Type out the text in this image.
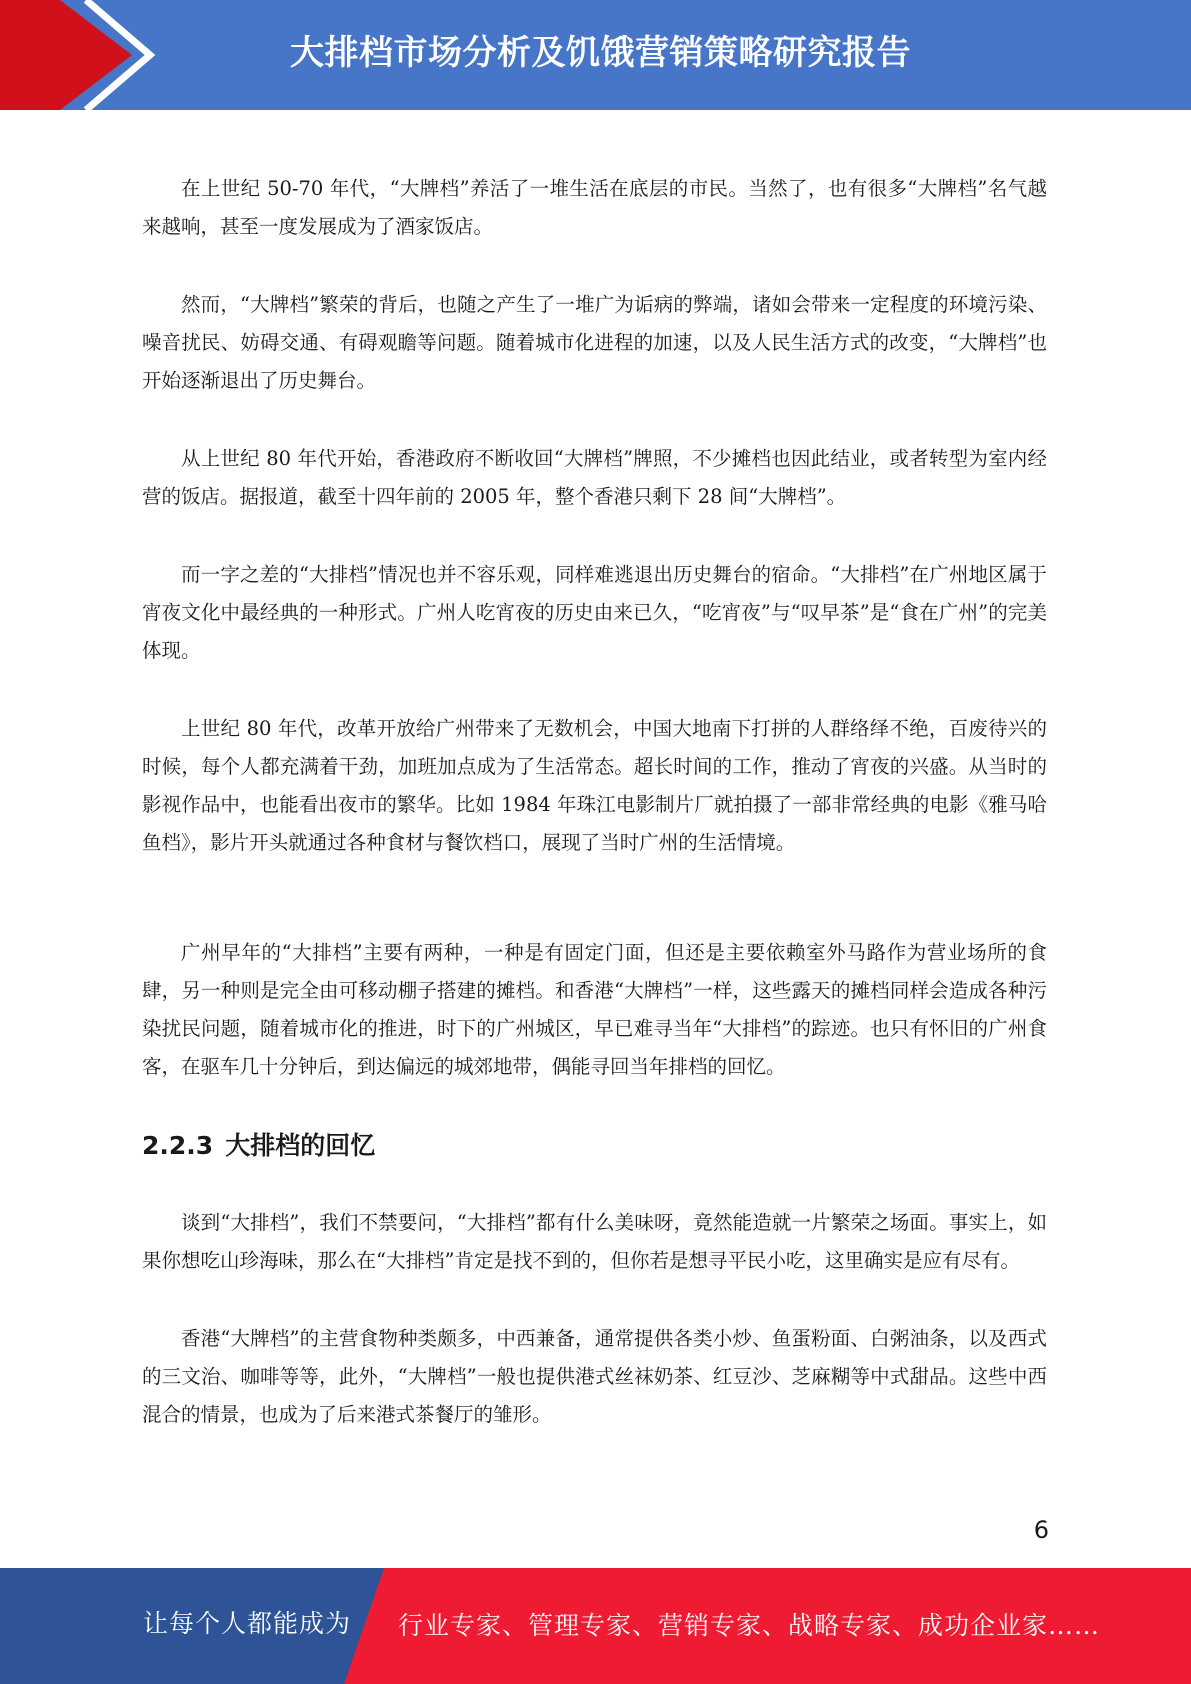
大排档市场分析及饥饿营销策略研究报告

在上世纪 50-70 年代，“大牌档”养活了一堆生活在底层的市民。当然了，也有很多“大牌档”名气越来越响，甚至一度发展成为了酒家饭店。

然而，“大牌档”繁荣的背后，也随之产生了一堆广为诟病的弊端，诸如会带来一定程度的环境污染、噪音扰民、妨碍交通、有碍观瞻等问题。随着城市化进程的加速，以及人民生活方式的改变，“大牌档”也开始逐渐退出了历史舞台。

从上世纪 80 年代开始，香港政府不断收回“大牌档”牌照，不少摊档也因此结业，或者转型为室内经营的饭店。据报道，截至十四年前的 2005 年，整个香港只剩下 28 间“大牌档”。

而一字之差的“大排档”情况也并不容乐观，同样难逃退出历史舞台的宿命。“大排档”在广州地区属于宵夜文化中最经典的一种形式。广州人吃宵夜的历史由来已久，“吃宵夜”与“叹早茶”是“食在广州”的完美体现。

上世纪 80 年代，改革开放给广州带来了无数机会，中国大地南下打拼的人群络绎不绝，百废待兴的时候，每个人都充满着干劲，加班加点成为了生活常态。超长时间的工作，推动了宵夜的兴盛。从当时的影视作品中，也能看出夜市的繁华。比如 1984 年珠江电影制片厂就拍摄了一部非常经典的电影《雅马哈鱼档》，影片开头就通过各种食材与餐饮档口，展现了当时广州的生活情境。

广州早年的“大排档”主要有两种，一种是有固定门面，但还是主要依赖室外马路作为营业场所的食肆，另一种则是完全由可移动棚子搭建的摊档。和香港“大牌档”一样，这些露天的摊档同样会造成各种污染扰民问题，随着城市化的推进，时下的广州城区，早已难寻当年“大排档”的踪迹。也只有怀旧的广州食客，在驱车几十分钟后，到达偏远的城郊地带，偶能寻回当年排档的回忆。

2.2.3 大排档的回忆

谈到“大排档”，我们不禁要问，“大排档”都有什么美味呀，竟然能造就一片繁荣之场面。事实上，如果你想吃山珍海味，那么在“大排档”肯定是找不到的，但你若是想寻平民小吃，这里确实是应有尽有。

香港“大牌档”的主营食物种类颇多，中西兼备，通常提供各类小炒、鱼蛋粉面、白粥油条，以及西式的三文治、咖啡等等，此外，“大牌档”一般也提供港式丝袜奶茶、红豆沙、芝麻糊等中式甜品。这些中西混合的情景，也成为了后来港式茶餐厅的雏形。

6
让每个人都能成为 行业专家、管理专家、营销专家、战略专家、成功企业家……
